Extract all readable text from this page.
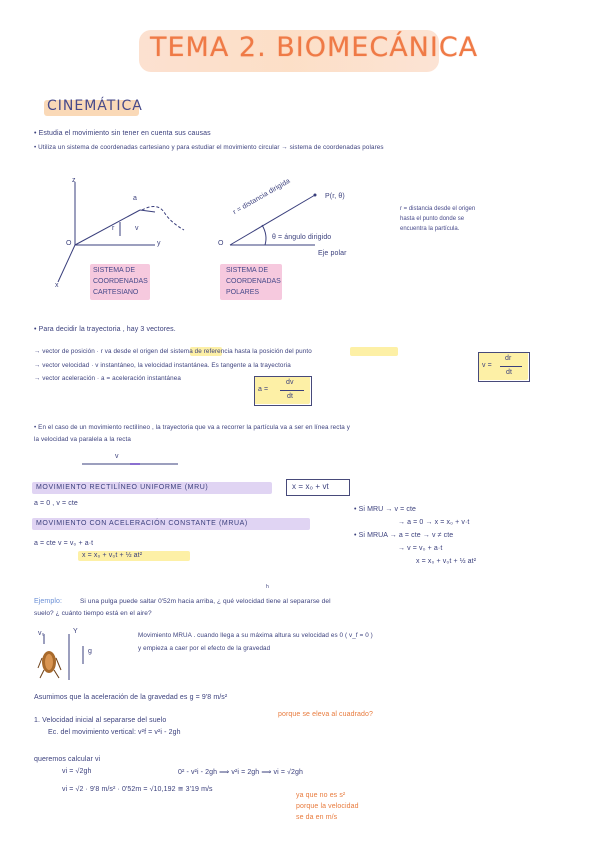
TEMA 2. BIOMECÁNICA
CINEMÁTICA
• Estudia el movimiento sin tener en cuenta sus causas
• Utiliza un sistema de coordenadas cartesiano y para estudiar el movimiento circular → sistema de coordenadas polares
z
y
x
O
a
r	v
SISTEMA DE
COORDENADAS
CARTESIANO
O
r = distancia dirigida	P(r, θ)
θ = ángulo dirigido
Eje polar
SISTEMA DE
COORDENADAS
POLARES
r = distancia desde el origen
hasta el punto donde se
encuentra la partícula.
• Para decidir la trayectoria , hay 3 vectores.
→ vector de posición · r va desde el origen del sistema de referencia hasta la posición del punto
→ vector velocidad · v instantáneo, la velocidad instantánea. Es tangente a la trayectoria
→ vector aceleración · a = aceleración instantánea
v =
dr
dt
a =
dv
dt
• En el caso de un movimiento rectilíneo , la trayectoria que va a recorrer la partícula va a ser en línea recta y
la velocidad va paralela a la recta
v
MOVIMIENTO RECTILÍNEO UNIFORME (MRU)	x = x₀ + vt
a = 0 , v = cte
MOVIMIENTO CON ACELERACIÓN CONSTANTE (MRUA)
a = cte v = v₀ + a·t
x = x₀ + v₀t + ½ at²
• Si MRU → v = cte
→ a = 0 → x = x₀ + v·t
• Si MRUA → a = cte → v ≠ cte
→ v = v₀ + a·t
x = x₀ + v₀t + ½ at²
h
Ejemplo:	Si una pulga puede saltar 0'52m hacia arriba, ¿ qué velocidad tiene al separarse del
suelo? ¿ cuánto tiempo está en el aire?
v₀	Y
g
Movimiento MRUA . cuando llega a su máxima altura su velocidad es 0 ( v_f = 0 )
y empieza a caer por el efecto de la gravedad
Asumimos que la aceleración de la gravedad es g = 9'8 m/s²
1. Velocidad inicial al separarse del suelo
porque se eleva al cuadrado?
Ec. del movimiento vertical: v²f = v²i - 2gh
queremos calcular vi
vi = √2gh	0² - v²i - 2gh ⟹ v²i = 2gh ⟹ vi = √2gh
vi = √2 · 9'8 m/s² · 0'52m = √10,192 ≅ 3'19 m/s
ya que no es s²
porque la velocidad
se da en m/s
